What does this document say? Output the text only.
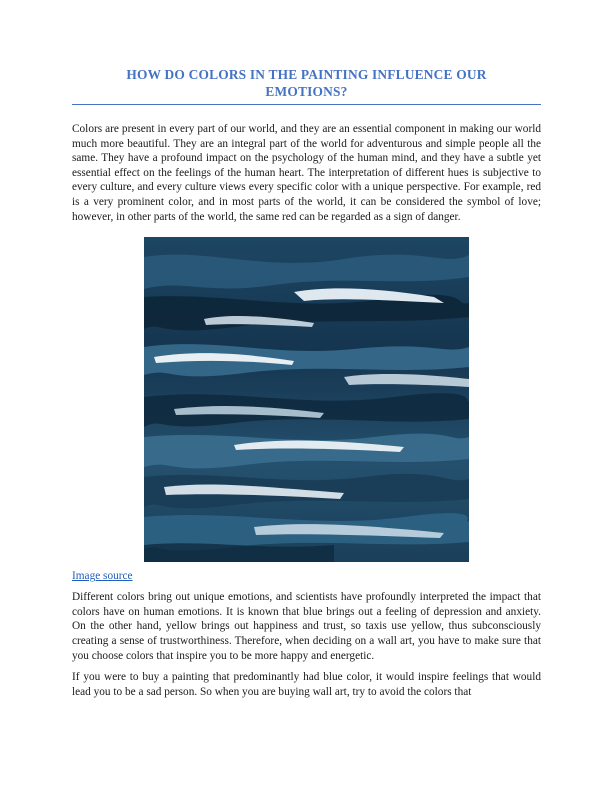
HOW DO COLORS IN THE PAINTING INFLUENCE OUR
EMOTIONS?

Colors are present in every part of our world, and they are an essential component in making our world much more beautiful. They are an integral part of the world for adventurous and simple people all the same. They have a profound impact on the psychology of the human mind, and they have a subtle yet essential effect on the feelings of the human heart. The interpretation of different hues is subjective to every culture, and every culture views every specific color with a unique perspective. For example, red is a very prominent color, and in most parts of the world, it can be considered the symbol of love; however, in other parts of the world, the same red can be regarded as a sign of danger.

Image source

Different colors bring out unique emotions, and scientists have profoundly interpreted the impact that colors have on human emotions. It is known that blue brings out a feeling of depression and anxiety. On the other hand, yellow brings out happiness and trust, so taxis use yellow, thus subconsciously creating a sense of trustworthiness. Therefore, when deciding on a wall art, you have to make sure that you choose colors that inspire you to be more happy and energetic.

If you were to buy a painting that predominantly had blue color, it would inspire feelings that would lead you to be a sad person. So when you are buying wall art, try to avoid the colors that
